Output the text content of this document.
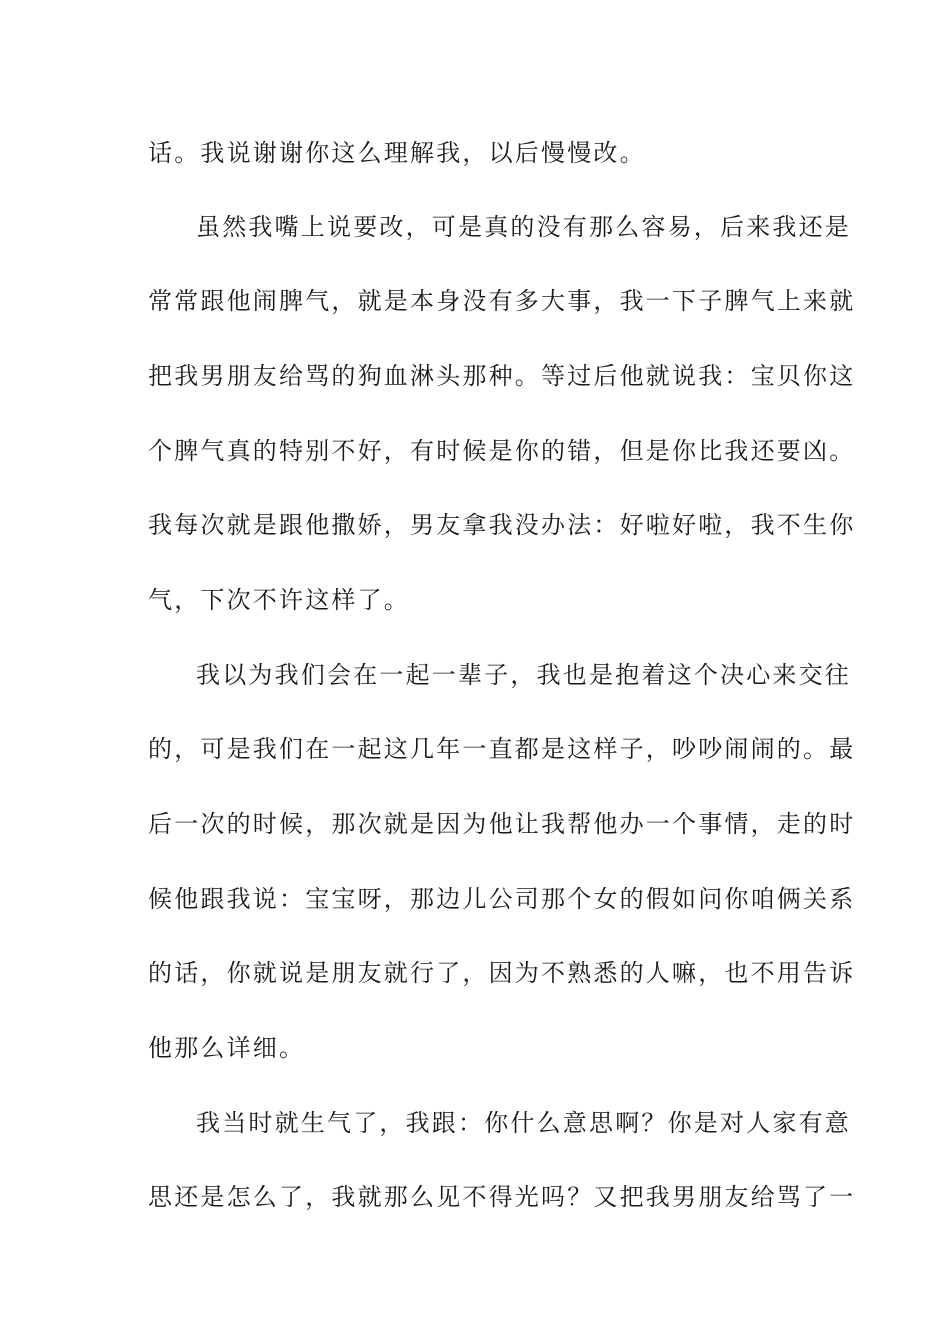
话。我说谢谢你这么理解我，以后慢慢改。
虽然我嘴上说要改，可是真的没有那么容易，后来我还是
常常跟他闹脾气，就是本身没有多大事，我一下子脾气上来就
把我男朋友给骂的狗血淋头那种。等过后他就说我：宝贝你这
个脾气真的特别不好，有时候是你的错，但是你比我还要凶。
我每次就是跟他撒娇，男友拿我没办法：好啦好啦，我不生你
气，下次不许这样了。
我以为我们会在一起一辈子，我也是抱着这个决心来交往
的，可是我们在一起这几年一直都是这样子，吵吵闹闹的。最
后一次的时候，那次就是因为他让我帮他办一个事情，走的时
候他跟我说：宝宝呀，那边儿公司那个女的假如问你咱俩关系
的话，你就说是朋友就行了，因为不熟悉的人嘛，也不用告诉
他那么详细。
我当时就生气了，我跟：你什么意思啊？你是对人家有意
思还是怎么了，我就那么见不得光吗？又把我男朋友给骂了一
